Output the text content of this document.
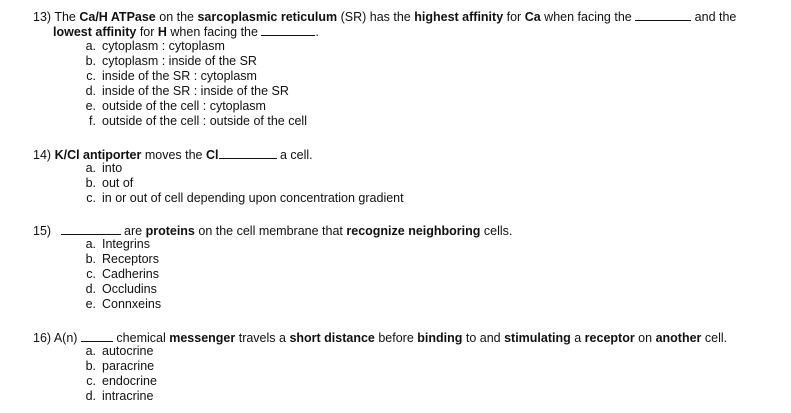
13) The Ca/H ATPase on the sarcoplasmic reticulum (SR) has the highest affinity for Ca when facing the	and the
lowest affinity for H when facing the	.
a. cytoplasm : cytoplasm
b. cytoplasm : inside of the SR
c. inside of the SR : cytoplasm
d. inside of the SR : inside of the SR
e. outside of the cell : cytoplasm
f. outside of the cell : outside of the cell
14) K/Cl antiporter moves the Cl	a cell.
a. into
b. out of
c. in or out of cell depending upon concentration gradient
15)	are proteins on the cell membrane that recognize neighboring cells.
a. Integrins
b. Receptors
c. Cadherins
d. Occludins
e. Connxeins
16) A(n)	chemical messenger travels a short distance before binding to and stimulating a receptor on another cell.
a. autocrine
b. paracrine
c. endocrine
d. intracrine
